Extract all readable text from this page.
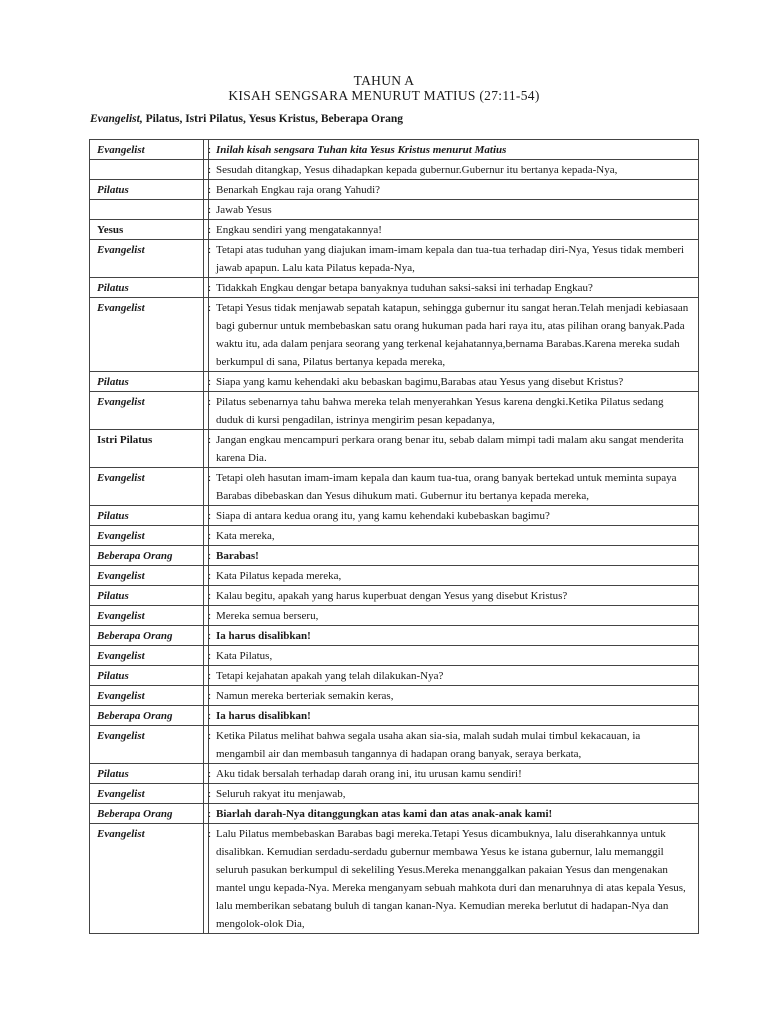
TAHUN A
KISAH SENGSARA MENURUT MATIUS (27:11-54)
Evangelist, Pilatus, Istri Pilatus, Yesus Kristus, Beberapa Orang
Evangelist	:	Inilah kisah sengsara Tuhan kita Yesus Kristus menurut Matius
	:	Sesudah ditangkap, Yesus dihadapkan kepada gubernur.Gubernur itu bertanya kepada-Nya,
Pilatus	:	Benarkah Engkau raja orang Yahudi?
	:	Jawab Yesus
Yesus	:	Engkau sendiri yang mengatakannya!
Evangelist	:	Tetapi atas tuduhan yang diajukan imam-imam kepala dan tua-tua terhadap diri-Nya, Yesus tidak memberi jawab apapun. Lalu kata Pilatus kepada-Nya,
Pilatus	:	Tidakkah Engkau dengar betapa banyaknya tuduhan saksi-saksi ini terhadap Engkau?
Evangelist	:	Tetapi Yesus tidak menjawab sepatah katapun, sehingga gubernur itu sangat heran.Telah menjadi kebiasaan bagi gubernur untuk membebaskan satu orang hukuman pada hari raya itu, atas pilihan orang banyak.Pada waktu itu, ada dalam penjara seorang yang terkenal kejahatannya,bernama Barabas.Karena mereka sudah berkumpul di sana, Pilatus bertanya kepada mereka,
Pilatus	:	Siapa yang kamu kehendaki aku bebaskan bagimu,Barabas atau Yesus yang disebut Kristus?
Evangelist	:	Pilatus sebenarnya tahu bahwa mereka telah menyerahkan Yesus karena dengki.Ketika Pilatus sedang duduk di kursi pengadilan, istrinya mengirim pesan kepadanya,
Istri Pilatus	:	Jangan engkau mencampuri perkara orang benar itu, sebab dalam mimpi tadi malam aku sangat menderita karena Dia.
Evangelist	:	Tetapi oleh hasutan imam-imam kepala dan kaum tua-tua, orang banyak bertekad untuk meminta supaya Barabas dibebaskan dan Yesus dihukum mati. Gubernur itu bertanya kepada mereka,
Pilatus	:	Siapa di antara kedua orang itu, yang kamu kehendaki kubebaskan bagimu?
Evangelist	:	Kata mereka,
Beberapa Orang	:	Barabas!
Evangelist	:	Kata Pilatus kepada mereka,
Pilatus	:	Kalau begitu, apakah yang harus kuperbuat dengan Yesus yang disebut Kristus?
Evangelist	:	Mereka semua berseru,
Beberapa Orang	:	Ia harus disalibkan!
Evangelist	:	Kata Pilatus,
Pilatus	:	Tetapi kejahatan apakah yang telah dilakukan-Nya?
Evangelist	:	Namun mereka berteriak semakin keras,
Beberapa Orang	:	Ia harus disalibkan!
Evangelist	:	Ketika Pilatus melihat bahwa segala usaha akan sia-sia, malah sudah mulai timbul kekacauan, ia mengambil air dan membasuh tangannya di hadapan orang banyak, seraya berkata,
Pilatus	:	Aku tidak bersalah terhadap darah orang ini, itu urusan kamu sendiri!
Evangelist	:	Seluruh rakyat itu menjawab,
Beberapa Orang	:	Biarlah darah-Nya ditanggungkan atas kami dan atas anak-anak kami!
Evangelist	:	Lalu Pilatus membebaskan Barabas bagi mereka.Tetapi Yesus dicambuknya, lalu diserahkannya untuk disalibkan. Kemudian serdadu-serdadu gubernur membawa Yesus ke istana gubernur, lalu memanggil seluruh pasukan berkumpul di sekeliling Yesus.Mereka menanggalkan pakaian Yesus dan mengenakan mantel ungu kepada-Nya. Mereka menganyam sebuah mahkota duri dan menaruhnya di atas kepala Yesus, lalu memberikan sebatang buluh di tangan kanan-Nya. Kemudian mereka berlutut di hadapan-Nya dan mengolok-olok Dia,
